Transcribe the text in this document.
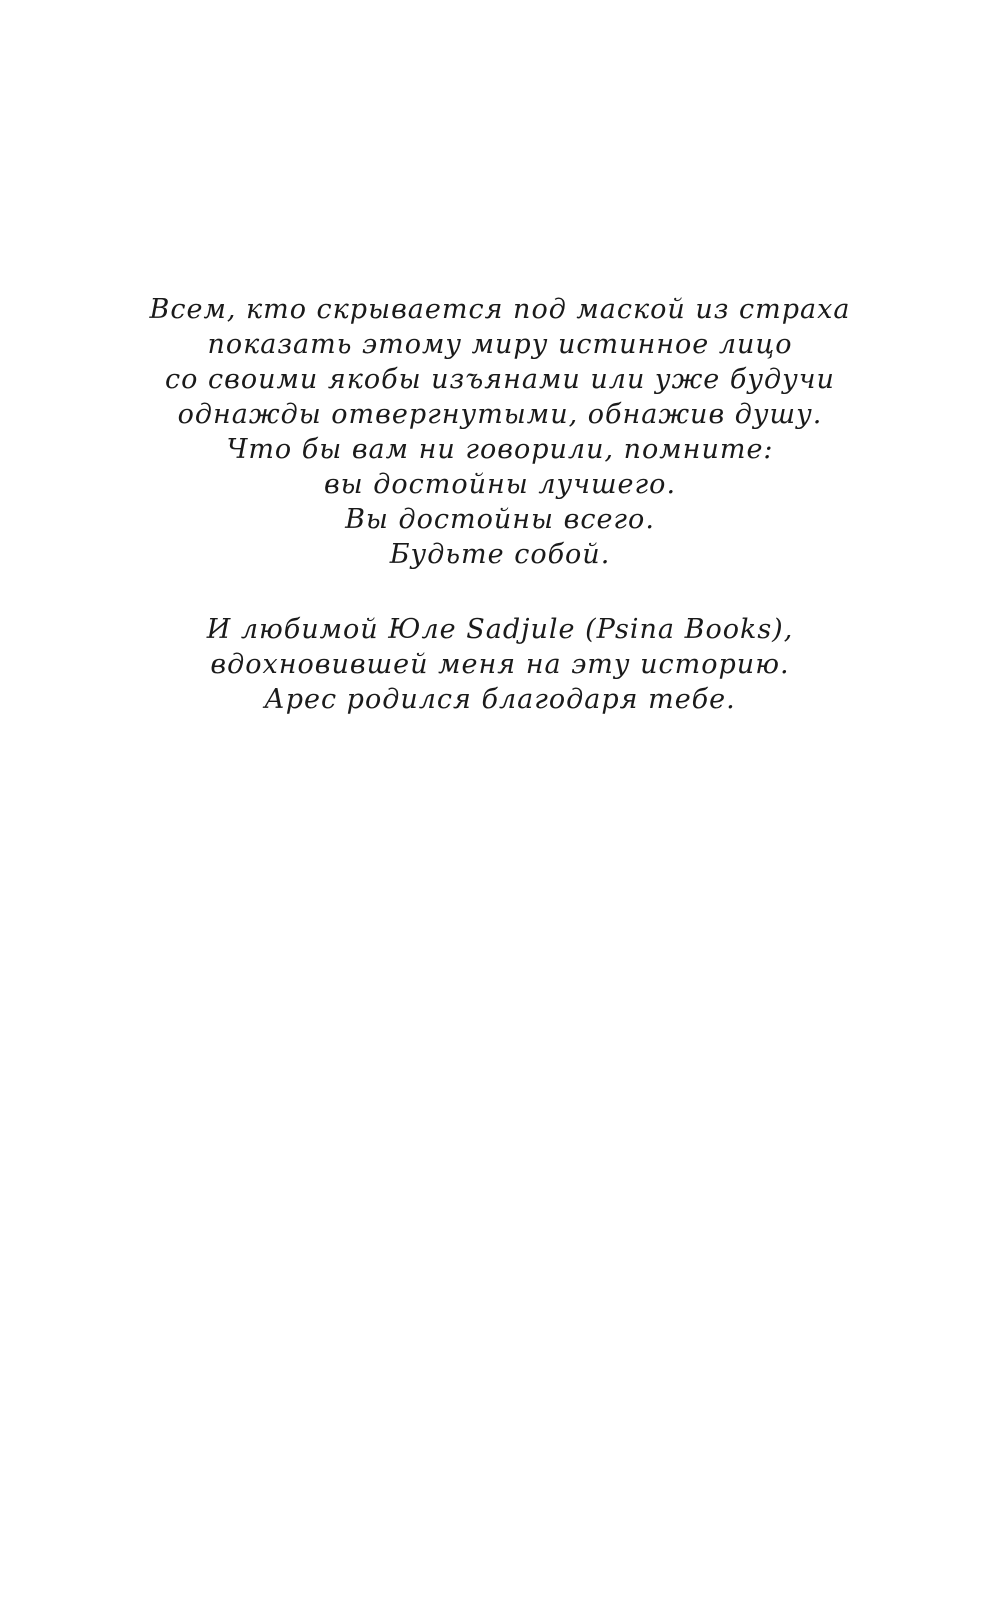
Всем, кто скрывается под маской из страха
показать этому миру истинное лицо
со своими якобы изъянами или уже будучи
однажды отвергнутыми, обнажив душу.
Что бы вам ни говорили, помните:
вы достойны лучшего.
Вы достойны всего.
Будьте собой.
И любимой Юле Sadjule (Psina Books),
вдохновившей меня на эту историю.
Арес родился благодаря тебе.
